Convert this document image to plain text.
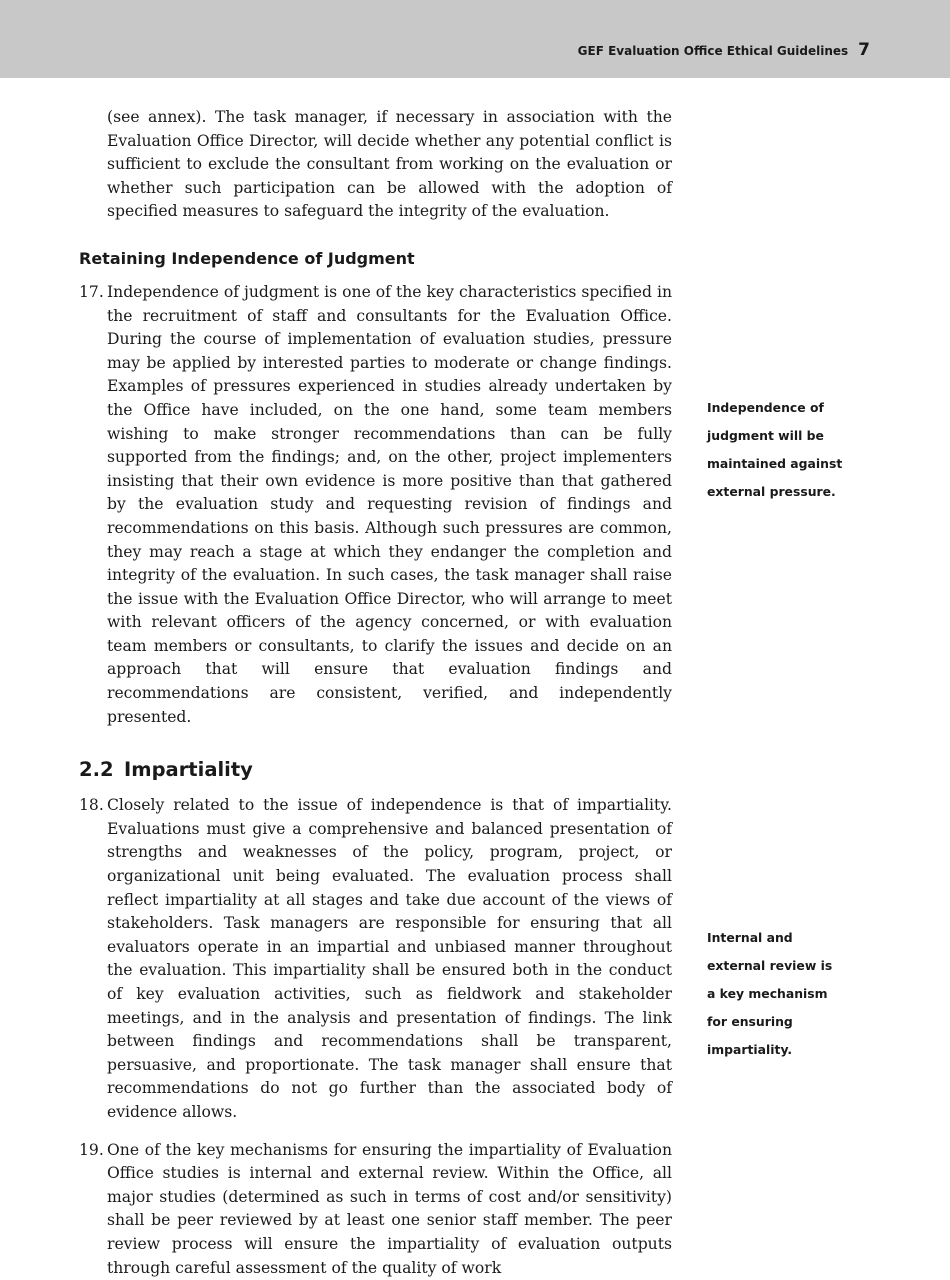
GEF Evaluation Office Ethical Guidelines 7

(see annex). The task manager, if necessary in association with the Evaluation Office Director, will decide whether any potential conflict is sufficient to exclude the consultant from working on the evaluation or whether such participation can be allowed with the adoption of specified measures to safeguard the integrity of the evaluation.

Retaining Independence of Judgment
17. Independence of judgment is one of the key characteristics specified in the recruitment of staff and consultants for the Evaluation Office. During the course of implementation of evaluation studies, pressure may be applied by interested parties to moderate or change findings. Examples of pressures experienced in studies already undertaken by the Office have included, on the one hand, some team members wishing to make stronger recommendations than can be fully supported from the findings; and, on the other, project implementers insisting that their own evidence is more positive than that gathered by the evaluation study and requesting revision of findings and recommendations on this basis. Although such pressures are common, they may reach a stage at which they endanger the completion and integrity of the evaluation. In such cases, the task manager shall raise the issue with the Evaluation Office Director, who will arrange to meet with relevant officers of the agency concerned, or with evaluation team members or consultants, to clarify the issues and decide on an approach that will ensure that evaluation findings and recommendations are consistent, verified, and independently presented.
2.2 Impartiality
18. Closely related to the issue of independence is that of impartiality. Evaluations must give a comprehensive and balanced presentation of strengths and weaknesses of the policy, program, project, or organizational unit being evaluated. The evaluation process shall reflect impartiality at all stages and take due account of the views of stakeholders. Task managers are responsible for ensuring that all evaluators operate in an impartial and unbiased manner throughout the evaluation. This impartiality shall be ensured both in the conduct of key evaluation activities, such as fieldwork and stakeholder meetings, and in the analysis and presentation of findings. The link between findings and recommendations shall be transparent, persuasive, and proportionate. The task manager shall ensure that recommendations do not go further than the associated body of evidence allows.
19. One of the key mechanisms for ensuring the impartiality of Evaluation Office studies is internal and external review. Within the Office, all major studies (determined as such in terms of cost and/or sensitivity) shall be peer reviewed by at least one senior staff member. The peer review process will ensure the impartiality of evaluation outputs through careful assessment of the quality of work
Independence of
judgment will be
maintained against
external pressure.
Internal and
external review is
a key mechanism
for ensuring
impartiality.
